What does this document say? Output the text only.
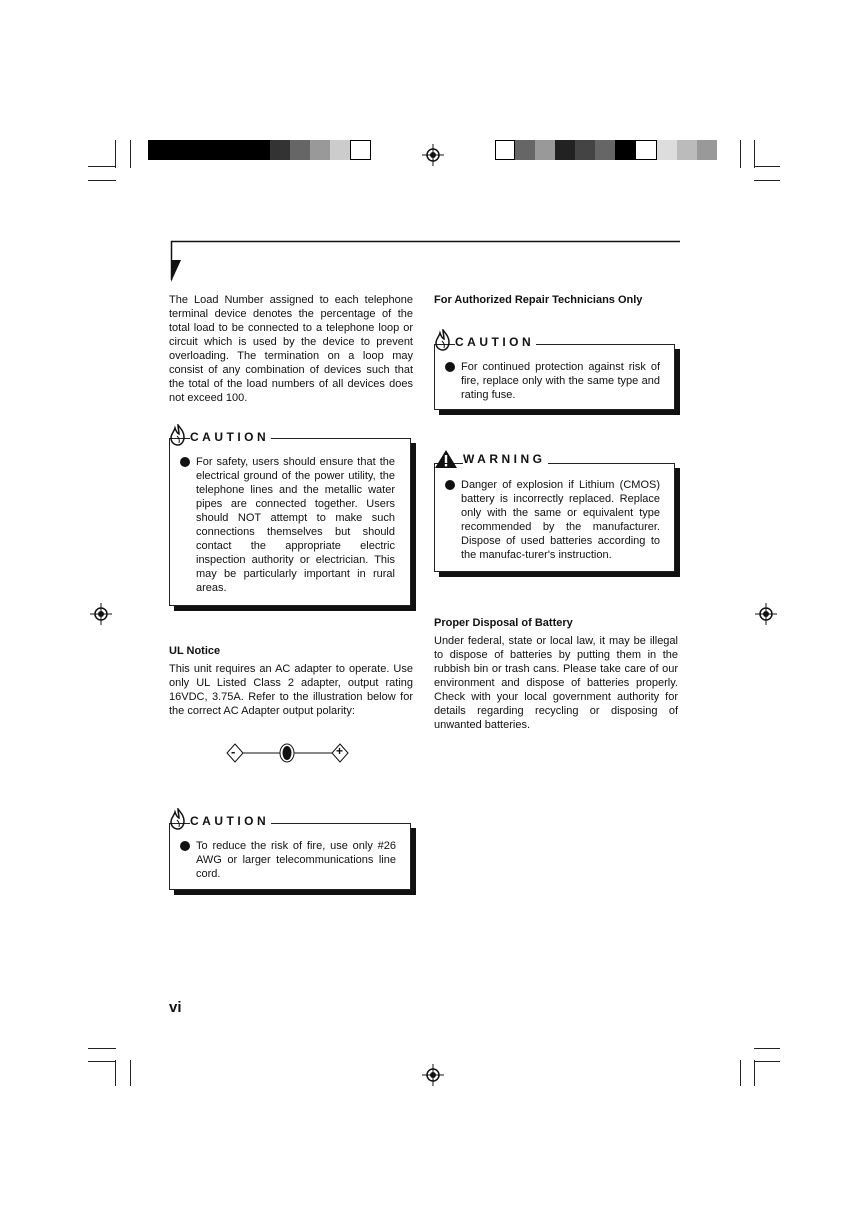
The Load Number assigned to each telephone terminal device denotes the percentage of the total load to be connected to a telephone loop or circuit which is used by the device to prevent overloading. The termination on a loop may consist of any combination of devices such that the total of the load numbers of all devices does not exceed 100.
CAUTION
For safety, users should ensure that the electrical ground of the power utility, the telephone lines and the metallic water pipes are connected together. Users should NOT attempt to make such connections themselves but should contact the appropriate electric inspection authority or electrician. This may be particularly important in rural areas.
UL Notice
This unit requires an AC adapter to operate. Use only UL Listed Class 2 adapter, output rating 16VDC, 3.75A. Refer to the illustration below for the correct AC Adapter output polarity:
-	+
CAUTION
To reduce the risk of fire, use only #26 AWG or larger telecommunications line cord.
vi
For Authorized Repair Technicians Only
CAUTION
For continued protection against risk of fire, replace only with the same type and rating fuse.
WARNING
Danger of explosion if Lithium (CMOS) battery is incorrectly replaced. Replace only with the same or equivalent type recommended by the manufacturer. Dispose of used batteries according to the manufac-turer's instruction.
Proper Disposal of Battery
Under federal, state or local law, it may be illegal to dispose of batteries by putting them in the rubbish bin or trash cans. Please take care of our environment and dispose of batteries properly. Check with your local government authority for details regarding recycling or disposing of unwanted batteries.
